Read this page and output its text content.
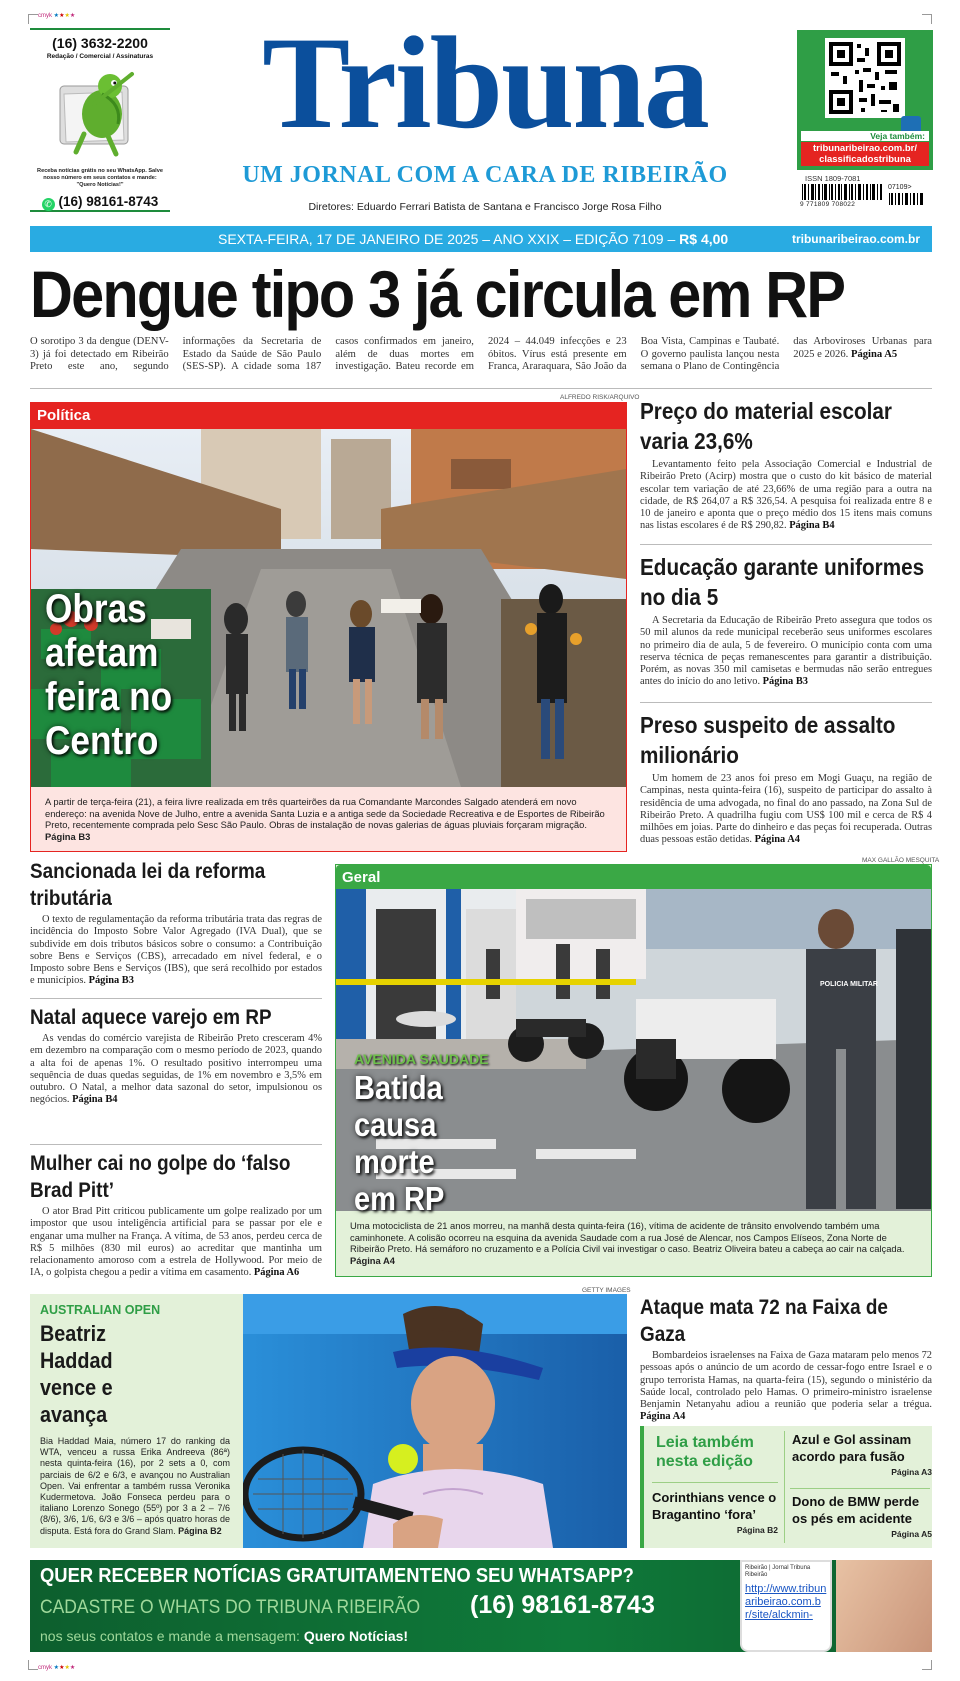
cmyk ★★★★
cmyk ★★★★
(16) 3632-2200
Redação / Comercial / Assinaturas
Receba notícias grátis no seu WhatsApp. Salve nosso número em seus contatos e mande: "Quero Notícias!"
✆ (16) 98161-8743
Tribuna
UM JORNAL COM A CARA DE RIBEIRÃO
Diretores: Eduardo Ferrari Batista de Santana e Francisco Jorge Rosa Filho
Veja também:
tribunaribeirao.com.br/
classificadostribuna
ISSN 1809-7081
9 771809 708022
07109>
SEXTA-FEIRA, 17 DE JANEIRO DE 2025 – ANO XXIX – EDIÇÃO 7109 – R$ 4,00	tribunaribeirao.com.br
Dengue tipo 3 já circula em RP
O sorotipo 3 da dengue (DENV-3) já foi detectado em Ribeirão Preto este ano, segundo informações da Secretaria de Estado da Saúde de São Paulo (SES-SP). A cidade soma 187 casos confirmados em janeiro, além de duas mortes em investigação. Bateu recorde em 2024 – 44.049 infecções e 23 óbitos. Vírus está presente em Franca, Araraquara, São João da Boa Vista, Campinas e Taubaté. O governo paulista lançou nesta semana o Plano de Contingência das Arboviroses Urbanas para 2025 e 2026. Página A5
ALFREDO RISK/ARQUIVO
Política
Obras
afetam
feira no
Centro
A partir de terça-feira (21), a feira livre realizada em três quarteirões da rua Comandante Marcondes Salgado atenderá em novo endereço: na avenida Nove de Julho, entre a avenida Santa Luzia e a antiga sede da Sociedade Recreativa e de Esportes de Ribeirão Preto, recentemente comprada pelo Sesc São Paulo. Obras de instalação de novas galerias de águas pluviais forçaram migração. Página B3
Preço do material escolar varia 23,6%
Levantamento feito pela Associação Comercial e Industrial de Ribeirão Preto (Acirp) mostra que o custo do kit básico de material escolar tem variação de até 23,66% de uma região para a outra na cidade, de R$ 264,07 a R$ 326,54. A pesquisa foi realizada entre 8 e 10 de janeiro e aponta que o preço médio dos 15 itens mais comuns nas listas escolares é de R$ 290,82. Página B4
Educação garante uniformes no dia 5
A Secretaria da Educação de Ribeirão Preto assegura que todos os 50 mil alunos da rede municipal receberão seus uniformes escolares no primeiro dia de aula, 5 de fevereiro. O município conta com uma reserva técnica de peças remanescentes para garantir a distribuição. Porém, as novas 350 mil camisetas e bermudas não serão entregues antes do início do ano letivo. Página B3
Preso suspeito de assalto milionário
Um homem de 23 anos foi preso em Mogi Guaçu, na região de Campinas, nesta quinta-feira (16), suspeito de participar do assalto à residência de uma advogada, no final do ano passado, na Zona Sul de Ribeirão Preto. A quadrilha fugiu com US$ 100 mil e cerca de R$ 4 milhões em joias. Parte do dinheiro e das peças foi recuperada. Outras duas pessoas estão detidas. Página A4
Sancionada lei da reforma tributária
O texto de regulamentação da reforma tributária trata das regras de incidência do Imposto Sobre Valor Agregado (IVA Dual), que se subdivide em dois tributos básicos sobre o consumo: a Contribuição sobre Bens e Serviços (CBS), arrecadado em nível federal, e o Imposto sobre Bens e Serviços (IBS), que será recolhido por estados e municípios. Página B3
Natal aquece varejo em RP
As vendas do comércio varejista de Ribeirão Preto cresceram 4% em dezembro na comparação com o mesmo período de 2023, quando a alta foi de apenas 1%. O resultado positivo interrompeu uma sequência de duas quedas seguidas, de 1% em novembro e 3,5% em outubro. O Natal, a melhor data sazonal do setor, impulsionou os negócios. Página B4
Mulher cai no golpe do ‘falso Brad Pitt’
O ator Brad Pitt criticou publicamente um golpe realizado por um impostor que usou inteligência artificial para se passar por ele e enganar uma mulher na França. A vítima, de 53 anos, perdeu cerca de R$ 5 milhões (830 mil euros) ao acreditar que mantinha um relacionamento amoroso com a estrela de Hollywood. Por meio de IA, o golpista chegou a pedir a vítima em casamento. Página A6
MAX GALLÃO MESQUITA
Geral
POLICIA MILITAR
AVENIDA SAUDADE
Batida
causa
morte
em RP
Uma motociclista de 21 anos morreu, na manhã desta quinta-feira (16), vítima de acidente de trânsito envolvendo também uma caminhonete. A colisão ocorreu na esquina da avenida Saudade com a rua José de Alencar, nos Campos Elíseos, Zona Norte de Ribeirão Preto. Há semáforo no cruzamento e a Polícia Civil vai investigar o caso. Beatriz Oliveira bateu a cabeça ao cair na calçada. Página A4
GETTY IMAGES
AUSTRALIAN OPEN
Beatriz
Haddad
vence e
avança
Bia Haddad Maia, número 17 do ranking da WTA, venceu a russa Erika Andreeva (86ª) nesta quinta-feira (16), por 2 sets a 0, com parciais de 6/2 e 6/3, e avançou no Australian Open. Vai enfrentar a também russa Veronika Kudermetova. João Fonseca perdeu para o italiano Lorenzo Sonego (55º) por 3 a 2 – 7/6 (8/6), 3/6, 1/6, 6/3 e 3/6 – após quatro horas de disputa. Está fora do Grand Slam. Página B2
Ataque mata 72 na Faixa de Gaza
Bombardeios israelenses na Faixa de Gaza mataram pelo menos 72 pessoas após o anúncio de um acordo de cessar-fogo entre Israel e o grupo terrorista Hamas, na quarta-feira (15), segundo o ministério da Saúde local, controlado pelo Hamas. O primeiro-ministro israelense Benjamin Netanyahu adiou a reunião que poderia selar a trégua. Página A4
Leia também nesta edição
Azul e Gol assinam acordo para fusão
Página A3
Corinthians vence o Bragantino ‘fora’
Página B2
Dono de BMW perde os pés em acidente
Página A5
QUER RECEBER NOTÍCIAS GRATUITAMENTENO SEU WHATSAPP?
CADASTRE O WHATS DO TRIBUNA RIBEIRÃO (16) 98161-8743
nos seus contatos e mande a mensagem: Quero Notícias!
Ribeirão | Jornal Tribuna Ribeirão
http://www.tribunaribeirao.com.br/site/alckmin-
